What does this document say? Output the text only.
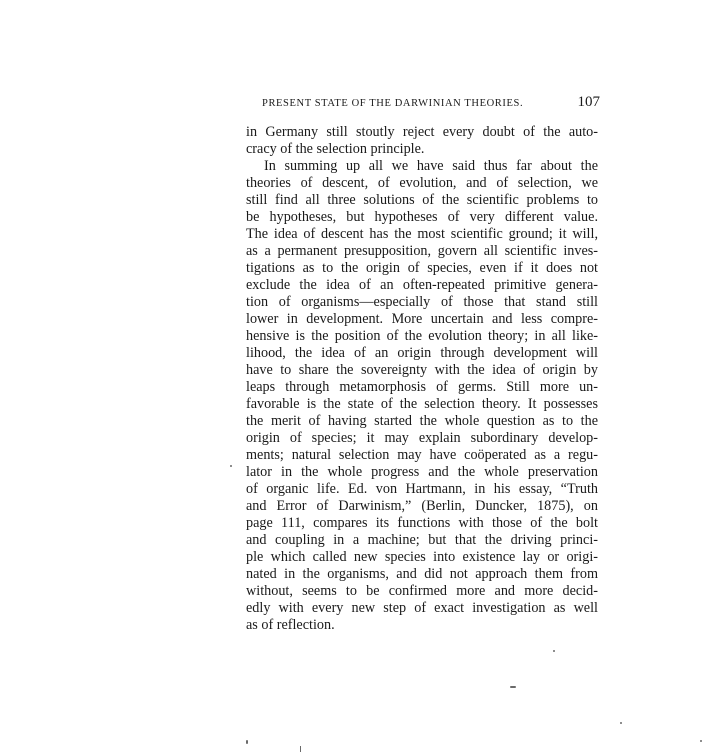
PRESENT STATE OF THE DARWINIAN THEORIES.	107
in Germany still stoutly reject every doubt of the auto-
cracy of the selection principle.
In summing up all we have said thus far about the
theories of descent, of evolution, and of selection, we
still find all three solutions of the scientific problems to
be hypotheses, but hypotheses of very different value.
The idea of descent has the most scientific ground; it will,
as a permanent presupposition, govern all scientific inves-
tigations as to the origin of species, even if it does not
exclude the idea of an often-repeated primitive genera-
tion of organisms—especially of those that stand still
lower in development. More uncertain and less compre-
hensive is the position of the evolution theory; in all like-
lihood, the idea of an origin through development will
have to share the sovereignty with the idea of origin by
leaps through metamorphosis of germs. Still more un-
favorable is the state of the selection theory. It possesses
the merit of having started the whole question as to the
origin of species; it may explain subordinary develop-
ments; natural selection may have coöperated as a regu-
lator in the whole progress and the whole preservation
of organic life. Ed. von Hartmann, in his essay, “Truth
and Error of Darwinism,” (Berlin, Duncker, 1875), on
page 111, compares its functions with those of the bolt
and coupling in a machine; but that the driving princi-
ple which called new species into existence lay or origi-
nated in the organisms, and did not approach them from
without, seems to be confirmed more and more decid-
edly with every new step of exact investigation as well
as of reflection.
